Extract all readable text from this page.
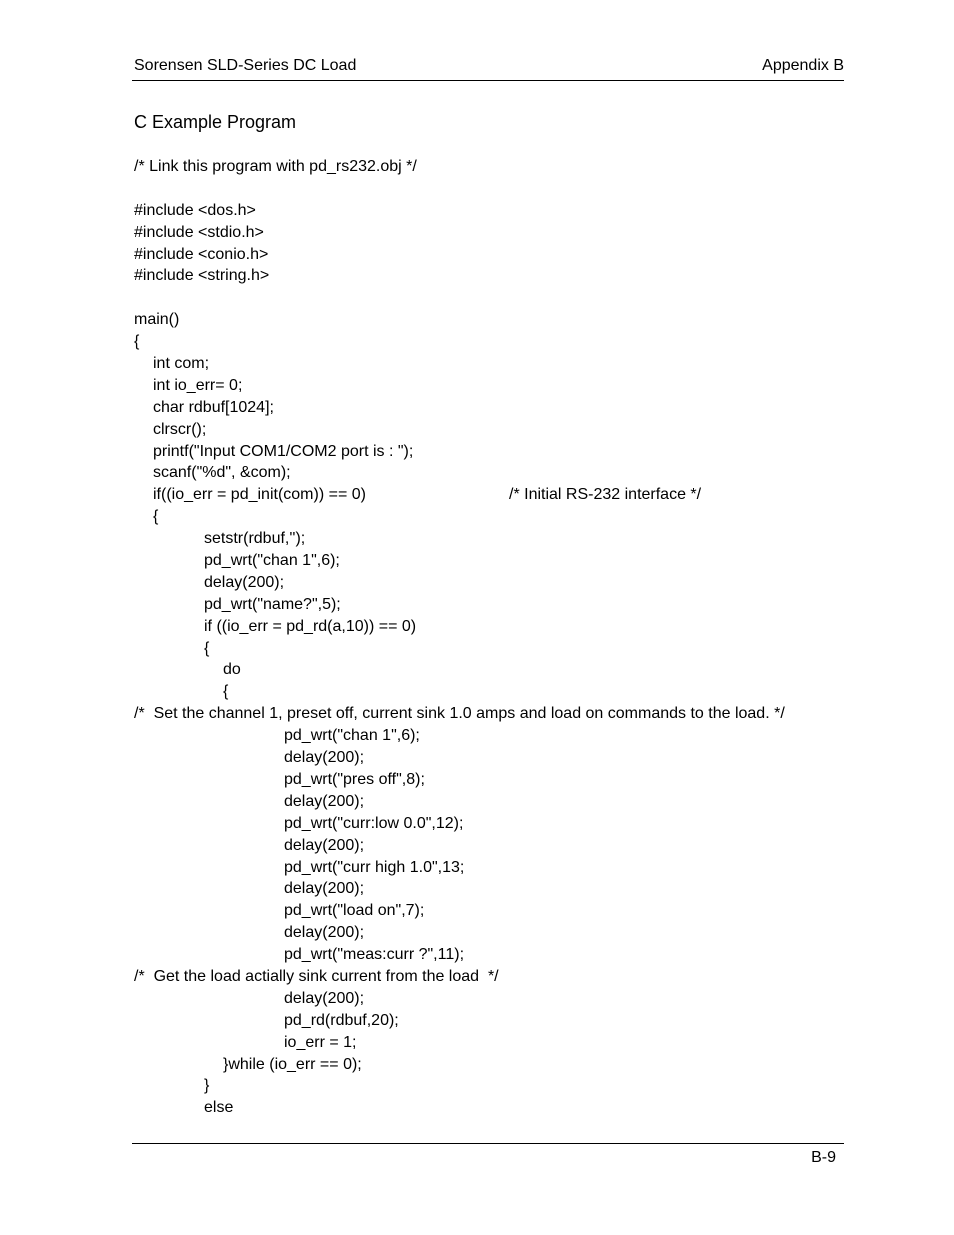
Sorensen SLD-Series DC Load	Appendix B
C Example Program
/* Link this program with pd_rs232.obj */
#include <dos.h>
#include <stdio.h>
#include <conio.h>
#include <string.h>
main()
{
int com;
int io_err= 0;
char rdbuf[1024];
clrscr();
printf("Input COM1/COM2 port is : ");
scanf("%d", &com);
if((io_err = pd_init(com)) == 0)	/* Initial RS-232 interface */
{
setstr(rdbuf,'');
pd_wrt("chan 1",6);
delay(200);
pd_wrt("name?",5);
if ((io_err = pd_rd(a,10)) == 0)
{
do
{
/*  Set the channel 1, preset off, current sink 1.0 amps and load on commands to the load. */
pd_wrt("chan 1",6);
delay(200);
pd_wrt("pres off",8);
delay(200);
pd_wrt("curr:low 0.0",12);
delay(200);
pd_wrt("curr high 1.0",13;
delay(200);
pd_wrt("load on",7);
delay(200);
pd_wrt("meas:curr ?",11);
/*  Get the load actially sink current from the load  */
delay(200);
pd_rd(rdbuf,20);
io_err = 1;
}while (io_err == 0);
}
else
B-9
